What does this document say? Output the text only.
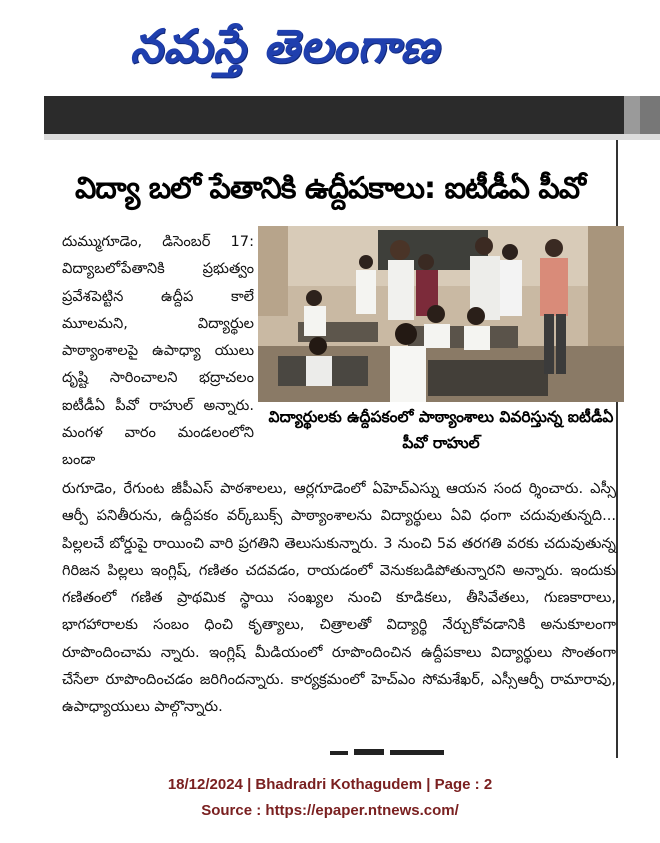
నమస్తే తెలంగాణ
విద్యా బలో పేతానికి ఉద్దీపకాలు: ఐటీడీఏ పీవో

దుమ్ముగూడెం, డిసెంబర్ 17: విద్యాబలోపేతానికి ప్రభుత్వం ప్రవేశపెట్టిన ఉద్దీప కాలే మూలమని, విద్యార్థుల పాఠ్యాంశాలపై ఉపాధ్యా యులు దృష్టి సారించాలని భద్రాచలం ఐటీడీఏ పీవో రాహుల్ అన్నారు. మంగళ వారం మండలంలోని బండా

విద్యార్థులకు ఉద్దీపకంలో పాఠ్యాంశాలు వివరిస్తున్న ఐటీడీఏ పీవో రాహుల్

రుగూడెం, రేగుంట జీపీఎస్ పాఠశాలలు, ఆర్లగూడెంలో ఏహెచ్ఎస్ను ఆయన సంద ర్శించారు. ఎస్సీ ఆర్పీ పనితీరును, ఉద్దీపకం వర్క్‌బుక్స్ పాఠ్యాంశాలను విద్యార్థులు ఏవి ధంగా చదువుతున్నది... పిల్లలచే బోర్డుపై రాయించి వారి ప్రగతిని తెలుసుకున్నారు. 3 నుంచి 5వ తరగతి వరకు చదువుతున్న గిరిజన పిల్లలు ఇంగ్లిష్, గణితం చదవడం, రాయడంలో వెనుకబడిపోతున్నారని అన్నారు. ఇందుకు గణితంలో గణిత ప్రాథమిక స్థాయి సంఖ్యల నుంచి కూడికలు, తీసివేతలు, గుణకారాలు, భాగహారాలకు సంబం ధించి కృత్యాలు, చిత్రాలతో విద్యార్థి నేర్చుకోవడానికి అనుకూలంగా రూపొందించామ న్నారు. ఇంగ్లిష్ మీడియంలో రూపొందించిన ఉద్దీపకాలు విద్యార్థులు సొంతంగా చేసేలా రూపొందించడం జరిగిందన్నారు. కార్యక్రమంలో హెచ్ఎం సోమశేఖర్, ఎస్సీఆర్పీ రామారావు, ఉపాధ్యాయులు పాల్గొన్నారు.

18/12/2024 | Bhadradri Kothagudem | Page : 2
Source : https://epaper.ntnews.com/
